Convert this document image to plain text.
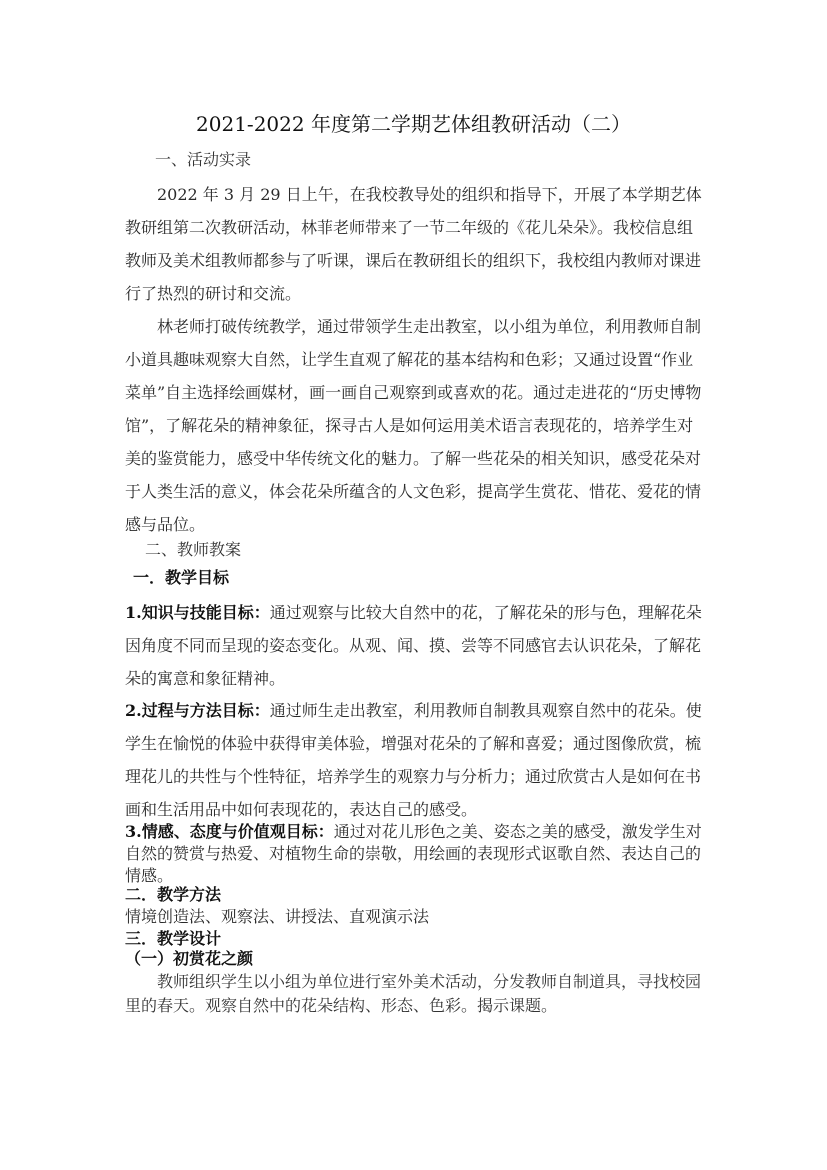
2021-2022 年度第二学期艺体组教研活动（二）
一、活动实录
2022 年 3 月 29 日上午，在我校教导处的组织和指导下，开展了本学期艺体教研组第二次教研活动，林菲老师带来了一节二年级的《花儿朵朵》。我校信息组教师及美术组教师都参与了听课，课后在教研组长的组织下，我校组内教师对课进行了热烈的研讨和交流。
林老师打破传统教学，通过带领学生走出教室，以小组为单位，利用教师自制小道具趣味观察大自然，让学生直观了解花的基本结构和色彩；又通过设置“作业菜单”自主选择绘画媒材，画一画自己观察到或喜欢的花。通过走进花的“历史博物馆”，了解花朵的精神象征，探寻古人是如何运用美术语言表现花的，培养学生对美的鉴赏能力，感受中华传统文化的魅力。了解一些花朵的相关知识，感受花朵对于人类生活的意义，体会花朵所蕴含的人文色彩，提高学生赏花、惜花、爱花的情感与品位。
二、教师教案
一．教学目标
1.知识与技能目标：通过观察与比较大自然中的花，了解花朵的形与色，理解花朵因角度不同而呈现的姿态变化。从观、闻、摸、尝等不同感官去认识花朵，了解花朵的寓意和象征精神。
2.过程与方法目标：通过师生走出教室，利用教师自制教具观察自然中的花朵。使学生在愉悦的体验中获得审美体验，增强对花朵的了解和喜爱；通过图像欣赏，梳理花儿的共性与个性特征，培养学生的观察力与分析力；通过欣赏古人是如何在书画和生活用品中如何表现花的，表达自己的感受。
3.情感、态度与价值观目标：通过对花儿形色之美、姿态之美的感受，激发学生对自然的赞赏与热爱、对植物生命的崇敬，用绘画的表现形式讴歌自然、表达自己的情感。
二．教学方法
情境创造法、观察法、讲授法、直观演示法
三．教学设计
（一）初赏花之颜
教师组织学生以小组为单位进行室外美术活动，分发教师自制道具，寻找校园里的春天。观察自然中的花朵结构、形态、色彩。揭示课题。
